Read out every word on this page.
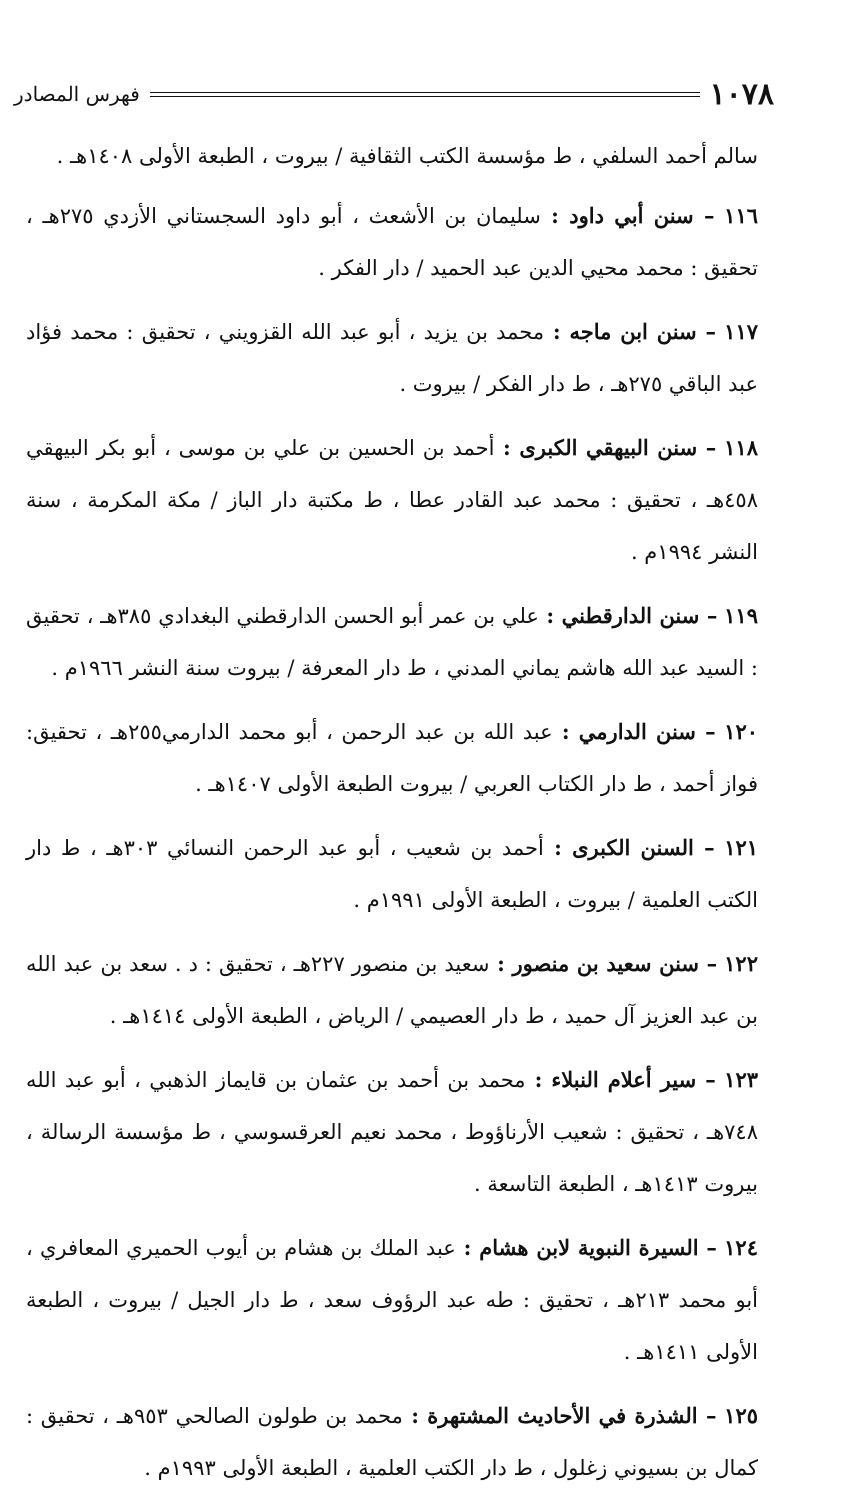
١٠٧٨
فهرس المصادر

سالم أحمد السلفي ، ط مؤسسة الكتب الثقافية / بيروت ، الطبعة الأولى ١٤٠٨هـ .

١١٦ – سنن أبي داود : سليمان بن الأشعث ، أبو داود السجستاني الأزدي ٢٧٥هـ ، تحقيق : محمد محيي الدين عبد الحميد / دار الفكر .

١١٧ – سنن ابن ماجه : محمد بن يزيد ، أبو عبد الله القزويني ، تحقيق : محمد فؤاد عبد الباقي ٢٧٥هـ ، ط دار الفكر / بيروت .

١١٨ – سنن البيهقي الكبرى : أحمد بن الحسين بن علي بن موسى ، أبو بكر البيهقي ٤٥٨هـ ، تحقيق : محمد عبد القادر عطا ، ط مكتبة دار الباز / مكة المكرمة ، سنة النشر ١٩٩٤م .

١١٩ – سنن الدارقطني : علي بن عمر أبو الحسن الدارقطني البغدادي ٣٨٥هـ ، تحقيق : السيد عبد الله هاشم يماني المدني ، ط دار المعرفة / بيروت سنة النشر ١٩٦٦م .

١٢٠ – سنن الدارمي : عبد الله بن عبد الرحمن ، أبو محمد الدارمي٢٥٥هـ ، تحقيق: فواز أحمد ، ط دار الكتاب العربي / بيروت الطبعة الأولى ١٤٠٧هـ .

١٢١ – السنن الكبرى : أحمد بن شعيب ، أبو عبد الرحمن النسائي ٣٠٣هـ ، ط دار الكتب العلمية / بيروت ، الطبعة الأولى ١٩٩١م .

١٢٢ – سنن سعيد بن منصور : سعيد بن منصور ٢٢٧هـ ، تحقيق : د . سعد بن عبد الله بن عبد العزيز آل حميد ، ط دار العصيمي / الرياض ، الطبعة الأولى ١٤١٤هـ .

١٢٣ – سير أعلام النبلاء : محمد بن أحمد بن عثمان بن قايماز الذهبي ، أبو عبد الله ٧٤٨هـ ، تحقيق : شعيب الأرناؤوط ، محمد نعيم العرقسوسي ، ط مؤسسة الرسالة ، بيروت ١٤١٣هـ ، الطبعة التاسعة .

١٢٤ – السيرة النبوية لابن هشام : عبد الملك بن هشام بن أيوب الحميري المعافري ، أبو محمد ٢١٣هـ ، تحقيق : طه عبد الرؤوف سعد ، ط دار الجيل / بيروت ، الطبعة الأولى ١٤١١هـ .

١٢٥ – الشذرة في الأحاديث المشتهرة : محمد بن طولون الصالحي ٩٥٣هـ ، تحقيق : كمال بن بسيوني زغلول ، ط دار الكتب العلمية ، الطبعة الأولى ١٩٩٣م .
